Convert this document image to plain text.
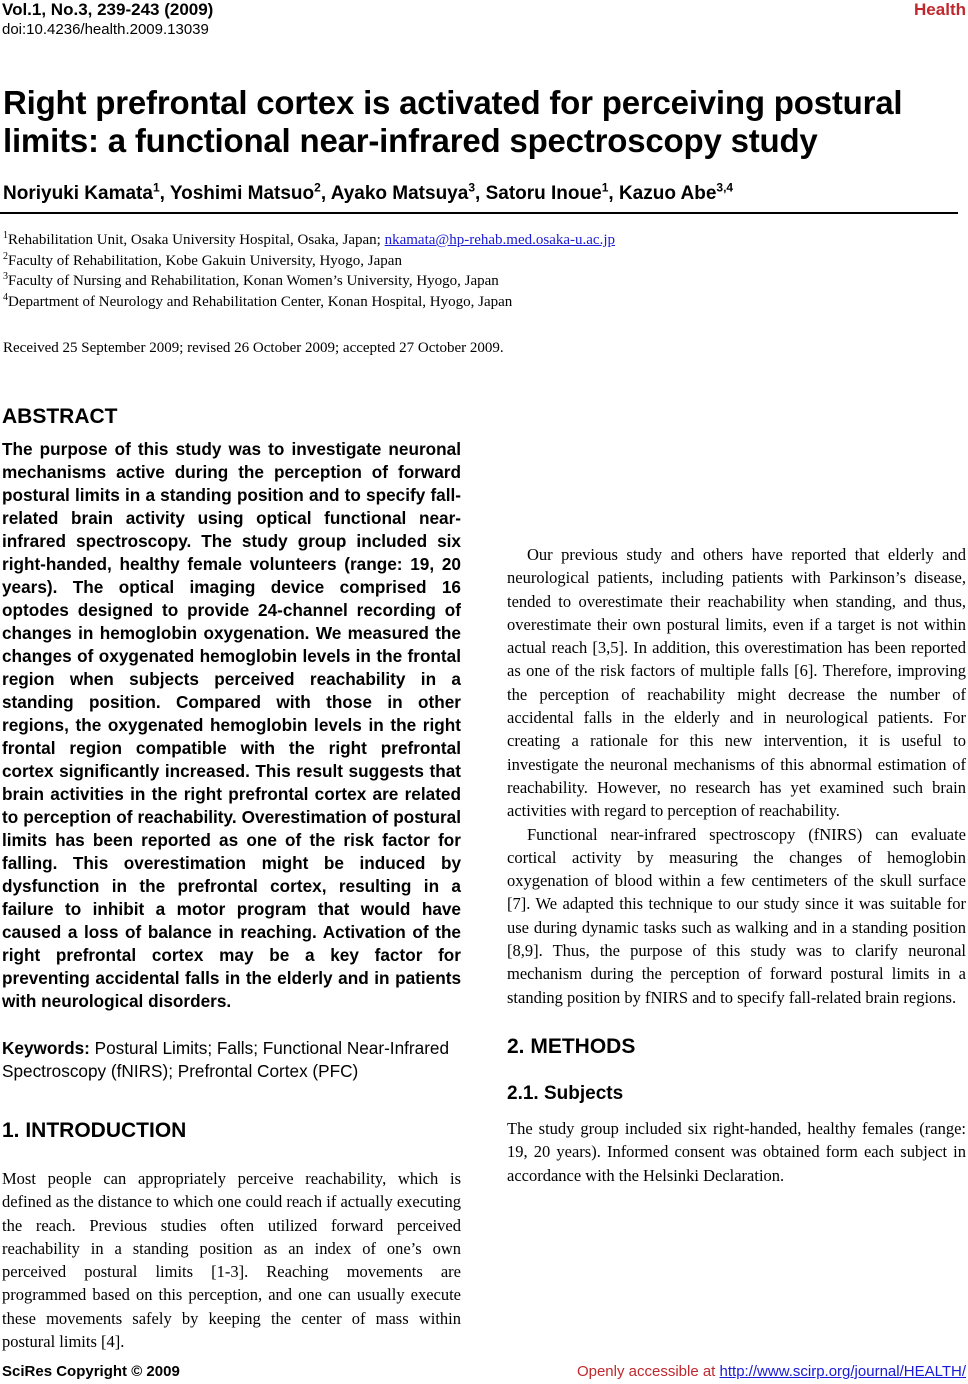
Vol.1, No.3, 239-243 (2009)
doi:10.4236/health.2009.13039
Health
Right prefrontal cortex is activated for perceiving postural limits: a functional near-infrared spectroscopy study
Noriyuki Kamata$^1$, Yoshimi Matsuo$^2$, Ayako Matsuya$^3$, Satoru Inoue$^1$, Kazuo Abe$^{3,4}$
$^1$Rehabilitation Unit, Osaka University Hospital, Osaka, Japan; nkamata@hp-rehab.med.osaka-u.ac.jp
$^2$Faculty of Rehabilitation, Kobe Gakuin University, Hyogo, Japan
$^3$Faculty of Nursing and Rehabilitation, Konan Women’s University, Hyogo, Japan
$^4$Department of Neurology and Rehabilitation Center, Konan Hospital, Hyogo, Japan
Received 25 September 2009; revised 26 October 2009; accepted 27 October 2009.
ABSTRACT

The purpose of this study was to investigate neuronal mechanisms active during the perception of forward postural limits in a standing position and to specify fall-related brain activity using optical functional near-infrared spectroscopy. The study group included six right-handed, healthy female volunteers (range: 19, 20 years). The optical imaging device comprised 16 optodes designed to provide 24-channel recording of changes in hemoglobin oxygenation. We measured the changes of oxygenated hemoglobin levels in the frontal region when subjects perceived reachability in a standing position. Compared with those in other regions, the oxygenated hemoglobin levels in the right frontal region compatible with the right prefrontal cortex significantly increased. This result suggests that brain activities in the right prefrontal cortex are related to perception of reachability. Overestimation of postural limits has been reported as one of the risk factor for falling. This overestimation might be induced by dysfunction in the prefrontal cortex, resulting in a failure to inhibit a motor program that would have caused a loss of balance in reaching. Activation of the right prefrontal cortex may be a key factor for preventing accidental falls in the elderly and in patients with neurological disorders.

Keywords: Postural Limits; Falls; Functional Near-Infrared Spectroscopy (fNIRS); Prefrontal Cortex (PFC)

1. INTRODUCTION

Most people can appropriately perceive reachability, which is defined as the distance to which one could reach if actually executing the reach. Previous studies often utilized forward perceived reachability in a standing position as an index of one’s own perceived postural limits [1-3]. Reaching movements are programmed based on this perception, and one can usually execute these movements safely by keeping the center of mass within postural limits [4].

Our previous study and others have reported that elderly and neurological patients, including patients with Parkinson’s disease, tended to overestimate their reachability when standing, and thus, overestimate their own postural limits, even if a target is not within actual reach [3,5]. In addition, this overestimation has been reported as one of the risk factors of multiple falls [6]. Therefore, improving the perception of reachability might decrease the number of accidental falls in the elderly and in neurological patients. For creating a rationale for this new intervention, it is useful to investigate the neuronal mechanisms of this abnormal estimation of reachability. However, no research has yet examined such brain activities with regard to perception of reachability.

Functional near-infrared spectroscopy (fNIRS) can evaluate cortical activity by measuring the changes of hemoglobin oxygenation of blood within a few centimeters of the skull surface [7]. We adapted this technique to our study since it was suitable for use during dynamic tasks such as walking and in a standing position [8,9]. Thus, the purpose of this study was to clarify neuronal mechanism during the perception of forward postural limits in a standing position by fNIRS and to specify fall-related brain regions.

2. METHODS
2.1. Subjects

The study group included six right-handed, healthy females (range: 19, 20 years). Informed consent was obtained form each subject in accordance with the Helsinki Declaration.

SciRes Copyright © 2009	Openly accessible at http://www.scirp.org/journal/HEALTH/
